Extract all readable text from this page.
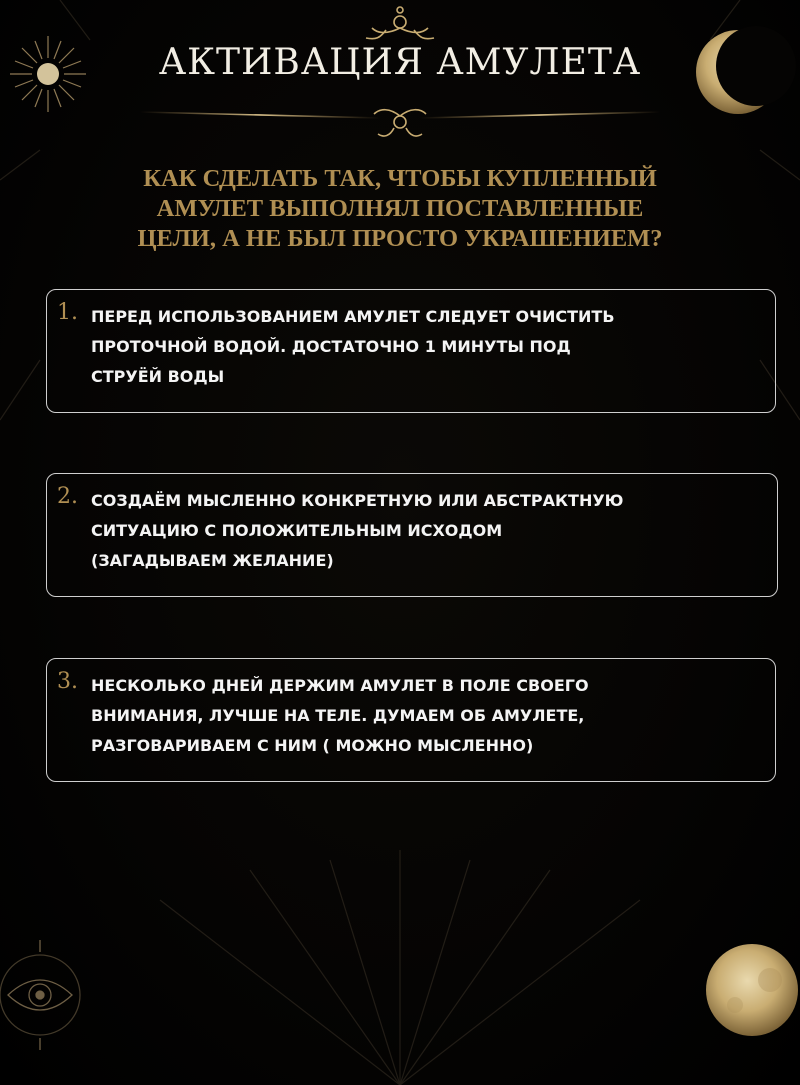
АКТИВАЦИЯ АМУЛЕТА
КАК СДЕЛАТЬ ТАК, ЧТОБЫ КУПЛЕННЫЙ
АМУЛЕТ ВЫПОЛНЯЛ ПОСТАВЛЕННЫЕ
ЦЕЛИ, А НЕ БЫЛ ПРОСТО УКРАШЕНИЕМ?
1. ПЕРЕД ИСПОЛЬЗОВАНИЕМ АМУЛЕТ СЛЕДУЕТ ОЧИСТИТЬ
ПРОТОЧНОЙ ВОДОЙ. ДОСТАТОЧНО 1 МИНУТЫ ПОД
СТРУЁЙ ВОДЫ
2. СОЗДАЁМ МЫСЛЕННО КОНКРЕТНУЮ ИЛИ АБСТРАКТНУЮ
СИТУАЦИЮ С ПОЛОЖИТЕЛЬНЫМ ИСХОДОМ
(ЗАГАДЫВАЕМ ЖЕЛАНИЕ)
3. НЕСКОЛЬКО ДНЕЙ ДЕРЖИМ АМУЛЕТ В ПОЛЕ СВОЕГО
ВНИМАНИЯ, ЛУЧШЕ НА ТЕЛЕ. ДУМАЕМ ОБ АМУЛЕТЕ,
РАЗГОВАРИВАЕМ С НИМ ( МОЖНО МЫСЛЕННО)
